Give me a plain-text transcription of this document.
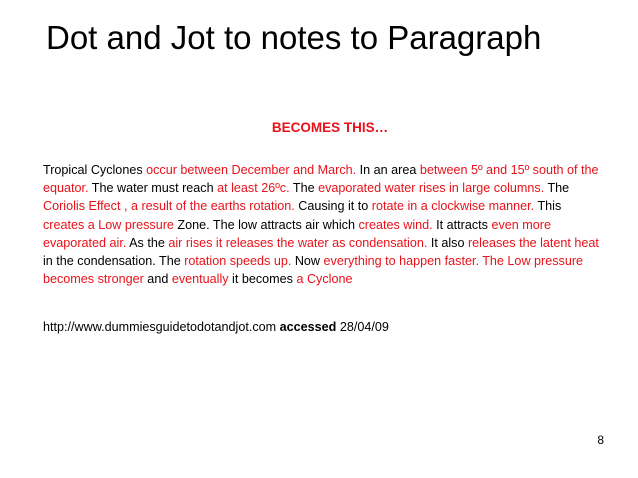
Dot and Jot to notes to Paragraph
BECOMES THIS…

Tropical Cyclones occur between December and March. In an area between 5º and 15º south of the equator. The water must reach at least 26ºc. The evaporated water rises in large columns. The Coriolis Effect , a result of the earths rotation. Causing it to rotate in a clockwise manner. This creates a Low pressure Zone. The low attracts air which creates wind. It attracts even more evaporated air. As the air rises it releases the water as condensation. It also releases the latent heat in the condensation. The rotation speeds up. Now everything to happen faster. The Low pressure becomes stronger and eventually it becomes a Cyclone

http://www.dummiesguidetodotandjot.com accessed 28/04/09
8
